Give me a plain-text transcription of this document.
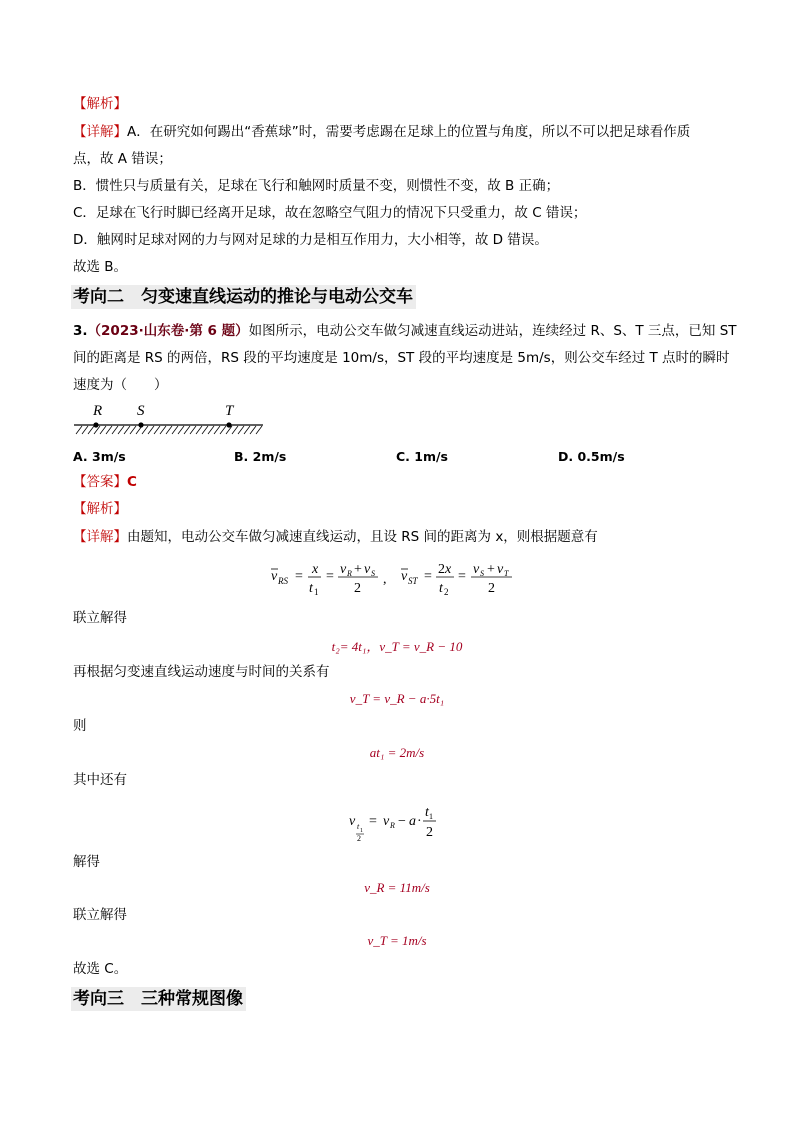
【解析】
【详解】A．在研究如何踢出“香蕉球”时，需要考虑踢在足球上的位置与角度，所以不可以把足球看作质
点，故 A 错误；
B．惯性只与质量有关，足球在飞行和触网时质量不变，则惯性不变，故 B 正确；
C．足球在飞行时脚已经离开足球，故在忽略空气阻力的情况下只受重力，故 C 错误；
D．触网时足球对网的力与网对足球的力是相互作用力，大小相等，故 D 错误。
故选 B。
考向二　匀变速直线运动的推论与电动公交车
3.（2023·山东卷·第 6 题）如图所示，电动公交车做匀减速直线运动进站，连续经过 R、S、T 三点，已知 ST
间的距离是 RS 的两倍，RS 段的平均速度是 10m/s，ST 段的平均速度是 5m/s，则公交车经过 T 点时的瞬时
速度为（　　）
R S	T
A. 3m/s	B. 2m/s	C. 1m/s	D. 0.5m/s
【答案】C
【解析】
【详解】由题知，电动公交车做匀减速直线运动，且设 RS 间的距离为 x，则根据题意有
v RS = x
t 1
= v R + v S
2
, v ST = 2 x
t 2
= v S + v T
2
联立解得
t₂= 4t₁，v_T = v_R − 10
再根据匀变速直线运动速度与时间的关系有
v_T = v_R − a·5t₁
则
at₁ = 2m/s
其中还有
v t 1
2
= v R − a ·
t 1
2
解得
v_R = 11m/s
联立解得
v_T = 1m/s
故选 C。
考向三　三种常规图像
